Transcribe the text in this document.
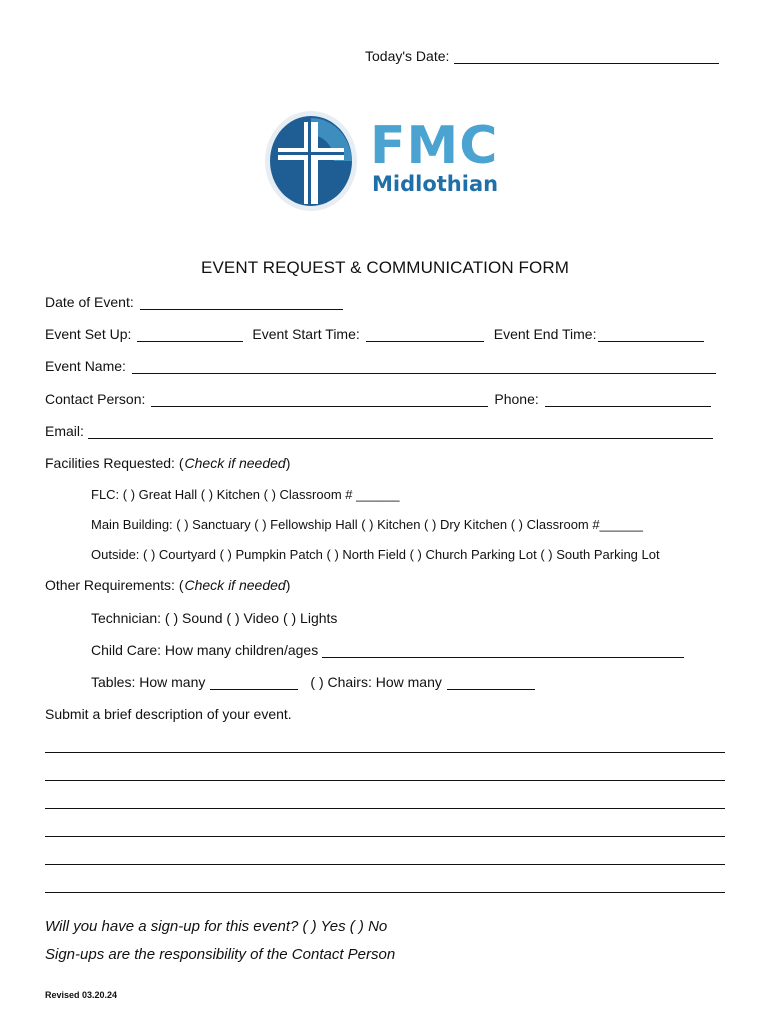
Today's Date:
FMC
Midlothian
EVENT REQUEST & COMMUNICATION FORM
Date of Event:
Event Set Up:	Event Start Time:	Event End Time:
Event Name:
Contact Person:	Phone:
Email:
Facilities Requested: ( Check if needed )
FLC: ( ) Great Hall ( ) Kitchen ( ) Classroom # ______
Main Building: ( ) Sanctuary ( ) Fellowship Hall ( ) Kitchen ( ) Dry Kitchen ( ) Classroom #______
Outside: ( ) Courtyard ( ) Pumpkin Patch ( ) North Field ( ) Church Parking Lot ( ) South Parking Lot
Other Requirements: ( Check if needed )
Technician: ( ) Sound ( ) Video ( ) Lights
Child Care: How many children/ages
Tables: How many	( ) Chairs: How many
Submit a brief description of your event.
Will you have a sign-up for this event? ( ) Yes ( ) No
Sign-ups are the responsibility of the Contact Person
Revised 03.20.24
